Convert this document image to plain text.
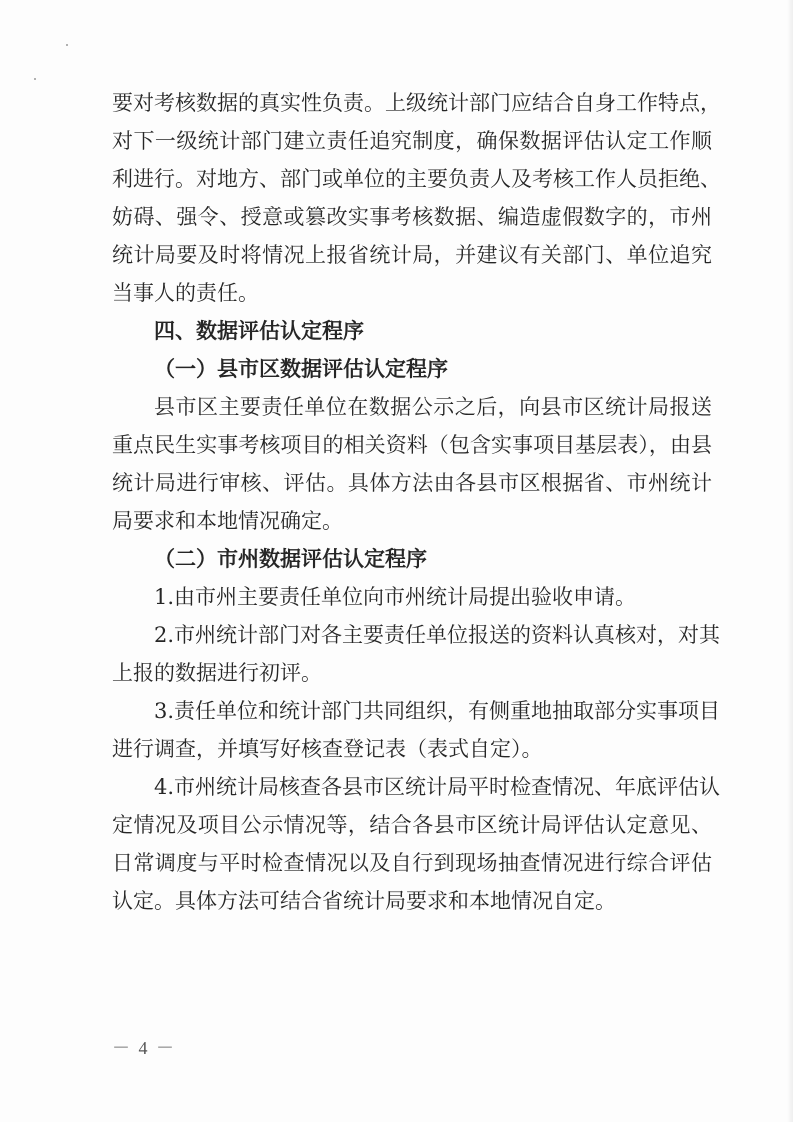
要对考核数据的真实性负责。上级统计部门应结合自身工作特点，
对下一级统计部门建立责任追究制度，确保数据评估认定工作顺
利进行。对地方、部门或单位的主要负责人及考核工作人员拒绝、
妨碍、强令、授意或篡改实事考核数据、编造虚假数字的，市州
统计局要及时将情况上报省统计局，并建议有关部门、单位追究
当事人的责任。
四、数据评估认定程序
（一）县市区数据评估认定程序
县市区主要责任单位在数据公示之后，向县市区统计局报送
重点民生实事考核项目的相关资料（包含实事项目基层表），由县
统计局进行审核、评估。具体方法由各县市区根据省、市州统计
局要求和本地情况确定。
（二）市州数据评估认定程序
1.由市州主要责任单位向市州统计局提出验收申请。
2.市州统计部门对各主要责任单位报送的资料认真核对，对其
上报的数据进行初评。
3.责任单位和统计部门共同组织，有侧重地抽取部分实事项目
进行调查，并填写好核查登记表（表式自定）。
4.市州统计局核查各县市区统计局平时检查情况、年底评估认
定情况及项目公示情况等，结合各县市区统计局评估认定意见、
日常调度与平时检查情况以及自行到现场抽查情况进行综合评估
认定。具体方法可结合省统计局要求和本地情况自定。
－ 4 －
